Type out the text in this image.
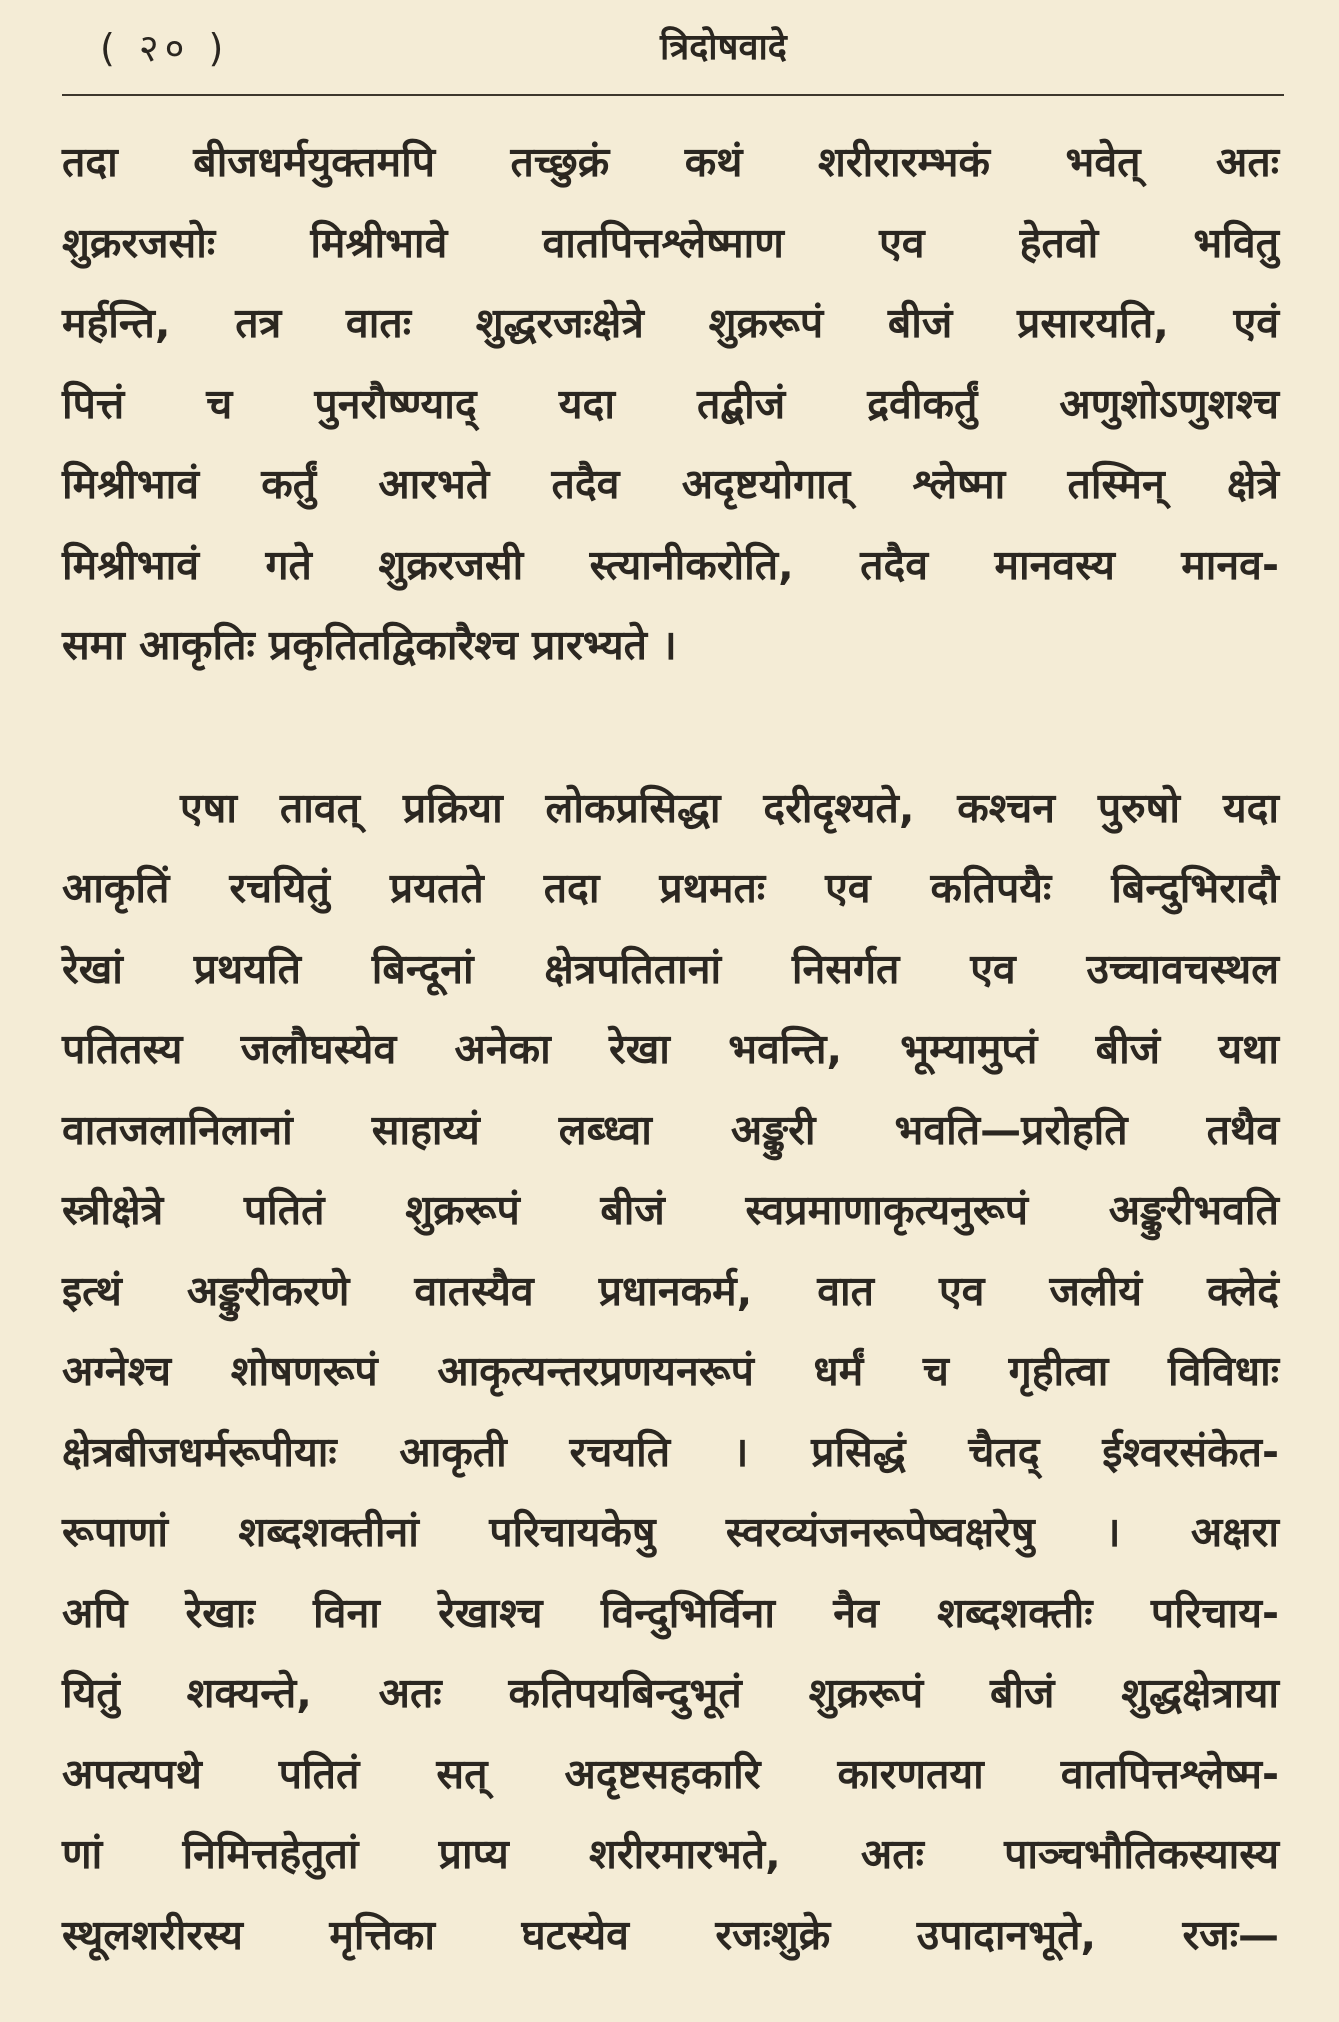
( २० )	त्रिदोषवादे
तदा बीजधर्मयुक्तमपि तच्छुक्रं कथं शरीरारम्भकं भवेत् अतः
शुक्ररजसोः मिश्रीभावे वातपित्तश्लेष्माण एव हेतवो भवितु
मर्हन्ति, तत्र वातः शुद्धरजःक्षेत्रे शुक्ररूपं बीजं प्रसारयति, एवं
पित्तं च पुनरौष्ण्याद् यदा तद्बीजं द्रवीकर्तुं अणुशोऽणुशश्च
मिश्रीभावं कर्तुं आरभते तदैव अदृष्टयोगात् श्लेष्मा तस्मिन् क्षेत्रे
मिश्रीभावं गते शुक्ररजसी स्त्यानीकरोति, तदैव मानवस्य मानव-
समा आकृतिः प्रकृतितद्विकारैश्च प्रारभ्यते ।
एषा तावत् प्रक्रिया लोकप्रसिद्धा दरीदृश्यते, कश्चन पुरुषो यदा
आकृतिं रचयितुं प्रयतते तदा प्रथमतः एव कतिपयैः बिन्दुभिरादौ
रेखां प्रथयति बिन्दूनां क्षेत्रपतितानां निसर्गत एव उच्चावचस्थल
पतितस्य जलौघस्येव अनेका रेखा भवन्ति, भूम्यामुप्तं बीजं यथा
वातजलानिलानां साहाय्यं लब्ध्वा अङ्कुरी भवति—प्ररोहति तथैव
स्त्रीक्षेत्रे पतितं शुक्ररूपं बीजं स्वप्रमाणाकृत्यनुरूपं अङ्कुरीभवति
इत्थं अङ्कुरीकरणे वातस्यैव प्रधानकर्म, वात एव जलीयं क्लेदं
अग्नेश्च शोषणरूपं आकृत्यन्तरप्रणयनरूपं धर्मं च गृहीत्वा विविधाः
क्षेत्रबीजधर्मरूपीयाः आकृती रचयति । प्रसिद्धं चैतद् ईश्वरसंकेत-
रूपाणां शब्दशक्तीनां परिचायकेषु स्वरव्यंजनरूपेष्वक्षरेषु । अक्षरा
अपि रेखाः विना रेखाश्च विन्दुभिर्विना नैव शब्दशक्तीः परिचाय-
यितुं शक्यन्ते, अतः कतिपयबिन्दुभूतं शुक्ररूपं बीजं शुद्धक्षेत्राया
अपत्यपथे पतितं सत् अदृष्टसहकारि कारणतया वातपित्तश्लेष्म-
णां निमित्तहेतुतां प्राप्य शरीरमारभते, अतः पाञ्चभौतिकस्यास्य
स्थूलशरीरस्य मृत्तिका घटस्येव रजःशुक्रे उपादानभूते, रजः—
